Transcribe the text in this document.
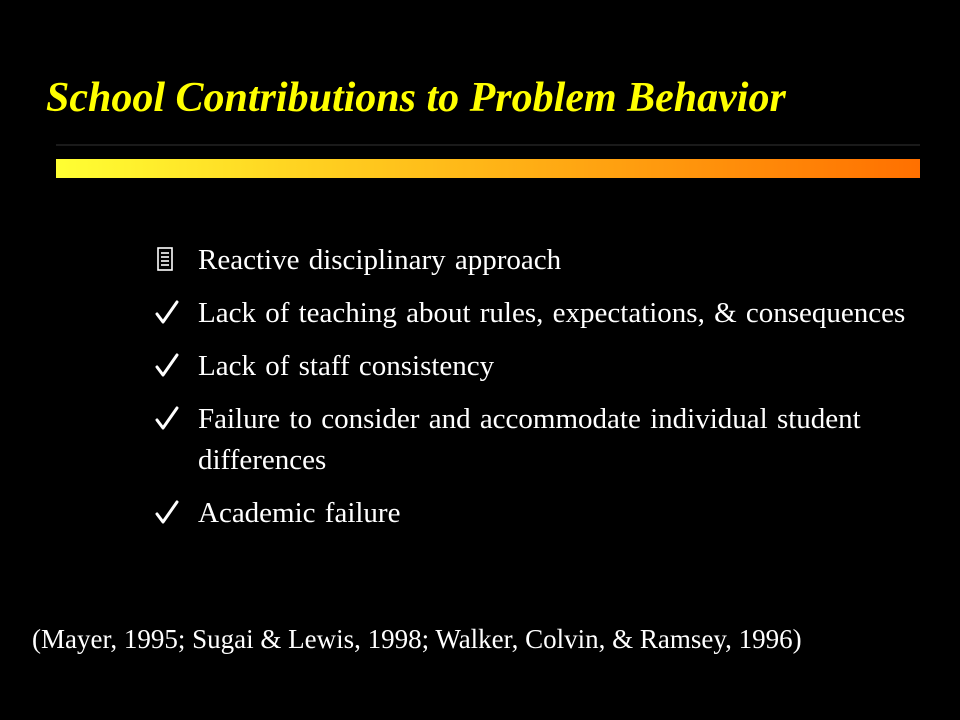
School Contributions to Problem Behavior
Reactive disciplinary approach
Lack of teaching about rules, expectations, & consequences
Lack of staff consistency
Failure to consider and accommodate individual student differences
Academic failure

(Mayer, 1995; Sugai & Lewis, 1998; Walker, Colvin, & Ramsey, 1996)
